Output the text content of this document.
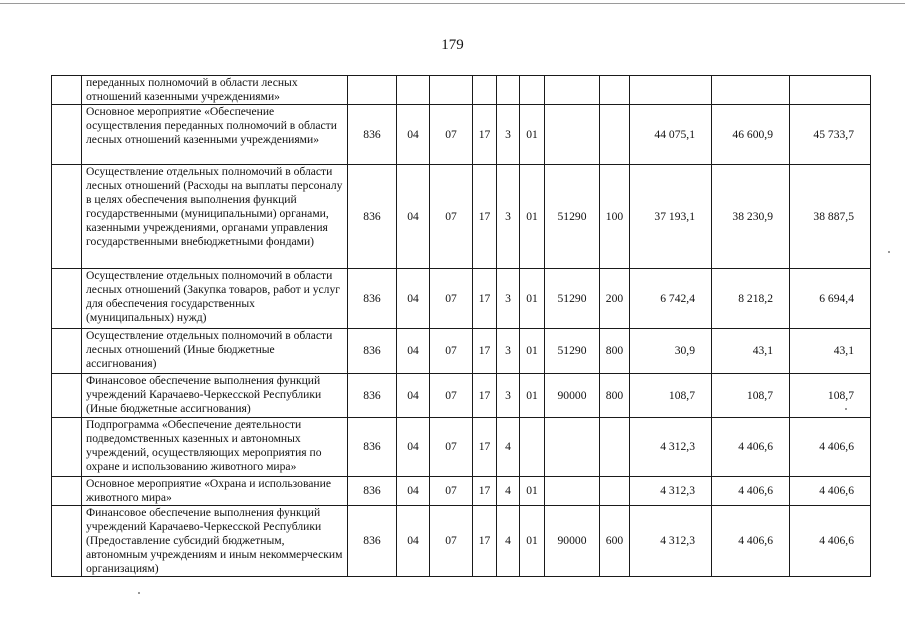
179
	переданных полномочий в области лесных отношений казенными учреждениями»											
	Основное мероприятие «Обеспечение осуществления переданных полномочий в области лесных отношений казенными учреждениями»	836	04	07	17	3	01			44 075,1	46 600,9	45 733,7
	Осуществление отдельных полномочий в области лесных отношений (Расходы на выплаты персоналу в целях обеспечения выполнения функций государственными (муниципальными) органами, казенными учреждениями, органами управления государственными внебюджетными фондами)	836	04	07	17	3	01	51290	100	37 193,1	38 230,9	38 887,5
	Осуществление отдельных полномочий в области лесных отношений (Закупка товаров, работ и услуг для обеспечения государственных (муниципальных) нужд)	836	04	07	17	3	01	51290	200	6 742,4	8 218,2	6 694,4
	Осуществление отдельных полномочий в области лесных отношений (Иные бюджетные ассигнования)	836	04	07	17	3	01	51290	800	30,9	43,1	43,1
	Финансовое обеспечение выполнения функций учреждений Карачаево-Черкесской Республики (Иные бюджетные ассигнования)	836	04	07	17	3	01	90000	800	108,7	108,7	108,7
	Подпрограмма «Обеспечение деятельности подведомственных казенных и автономных учреждений, осуществляющих мероприятия по охране и использованию животного мира»	836	04	07	17	4				4 312,3	4 406,6	4 406,6
	Основное мероприятие «Охрана и использование животного мира»	836	04	07	17	4	01			4 312,3	4 406,6	4 406,6
	Финансовое обеспечение выполнения функций учреждений Карачаево-Черкесской Республики (Предоставление субсидий бюджетным, автономным учреждениям и иным некоммерческим организациям)	836	04	07	17	4	01	90000	600	4 312,3	4 406,6	4 406,6
